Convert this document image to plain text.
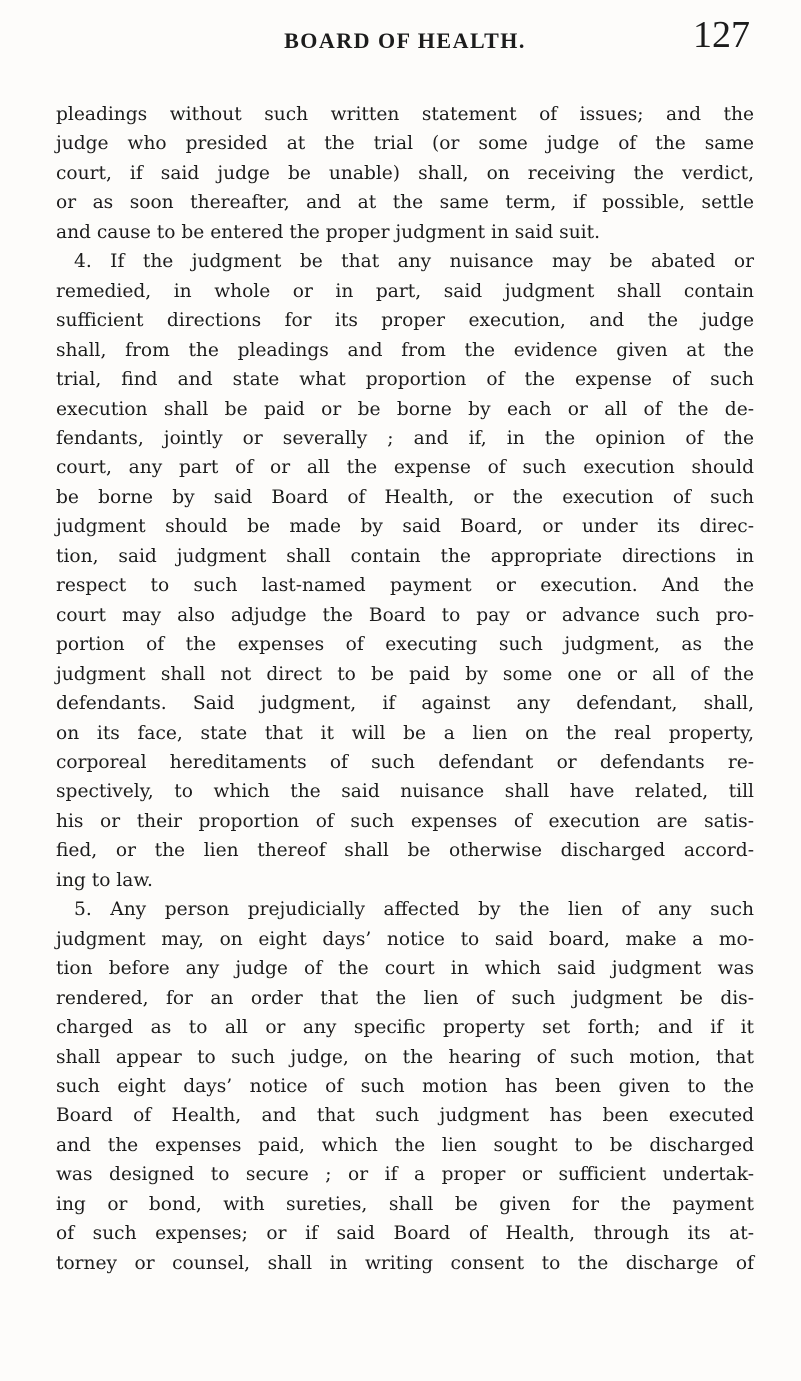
BOARD OF HEALTH.	127
pleadings without such written statement of issues; and the
judge who presided at the trial (or some judge of the same
court, if said judge be unable) shall, on receiving the verdict,
or as soon thereafter, and at the same term, if possible, settle
and cause to be entered the proper judgment in said suit.
4. If the judgment be that any nuisance may be abated or
remedied, in whole or in part, said judgment shall contain
sufficient directions for its proper execution, and the judge
shall, from the pleadings and from the evidence given at the
trial, find and state what proportion of the expense of such
execution shall be paid or be borne by each or all of the de-
fendants, jointly or severally ; and if, in the opinion of the
court, any part of or all the expense of such execution should
be borne by said Board of Health, or the execution of such
judgment should be made by said Board, or under its direc-
tion, said judgment shall contain the appropriate directions in
respect to such last-named payment or execution. And the
court may also adjudge the Board to pay or advance such pro-
portion of the expenses of executing such judgment, as the
judgment shall not direct to be paid by some one or all of the
defendants. Said judgment, if against any defendant, shall,
on its face, state that it will be a lien on the real property,
corporeal hereditaments of such defendant or defendants re-
spectively, to which the said nuisance shall have related, till
his or their proportion of such expenses of execution are satis-
fied, or the lien thereof shall be otherwise discharged accord-
ing to law.
5. Any person prejudicially affected by the lien of any such
judgment may, on eight days’ notice to said board, make a mo-
tion before any judge of the court in which said judgment was
rendered, for an order that the lien of such judgment be dis-
charged as to all or any specific property set forth; and if it
shall appear to such judge, on the hearing of such motion, that
such eight days’ notice of such motion has been given to the
Board of Health, and that such judgment has been executed
and the expenses paid, which the lien sought to be discharged
was designed to secure ; or if a proper or sufficient undertak-
ing or bond, with sureties, shall be given for the payment
of such expenses; or if said Board of Health, through its at-
torney or counsel, shall in writing consent to the discharge of
